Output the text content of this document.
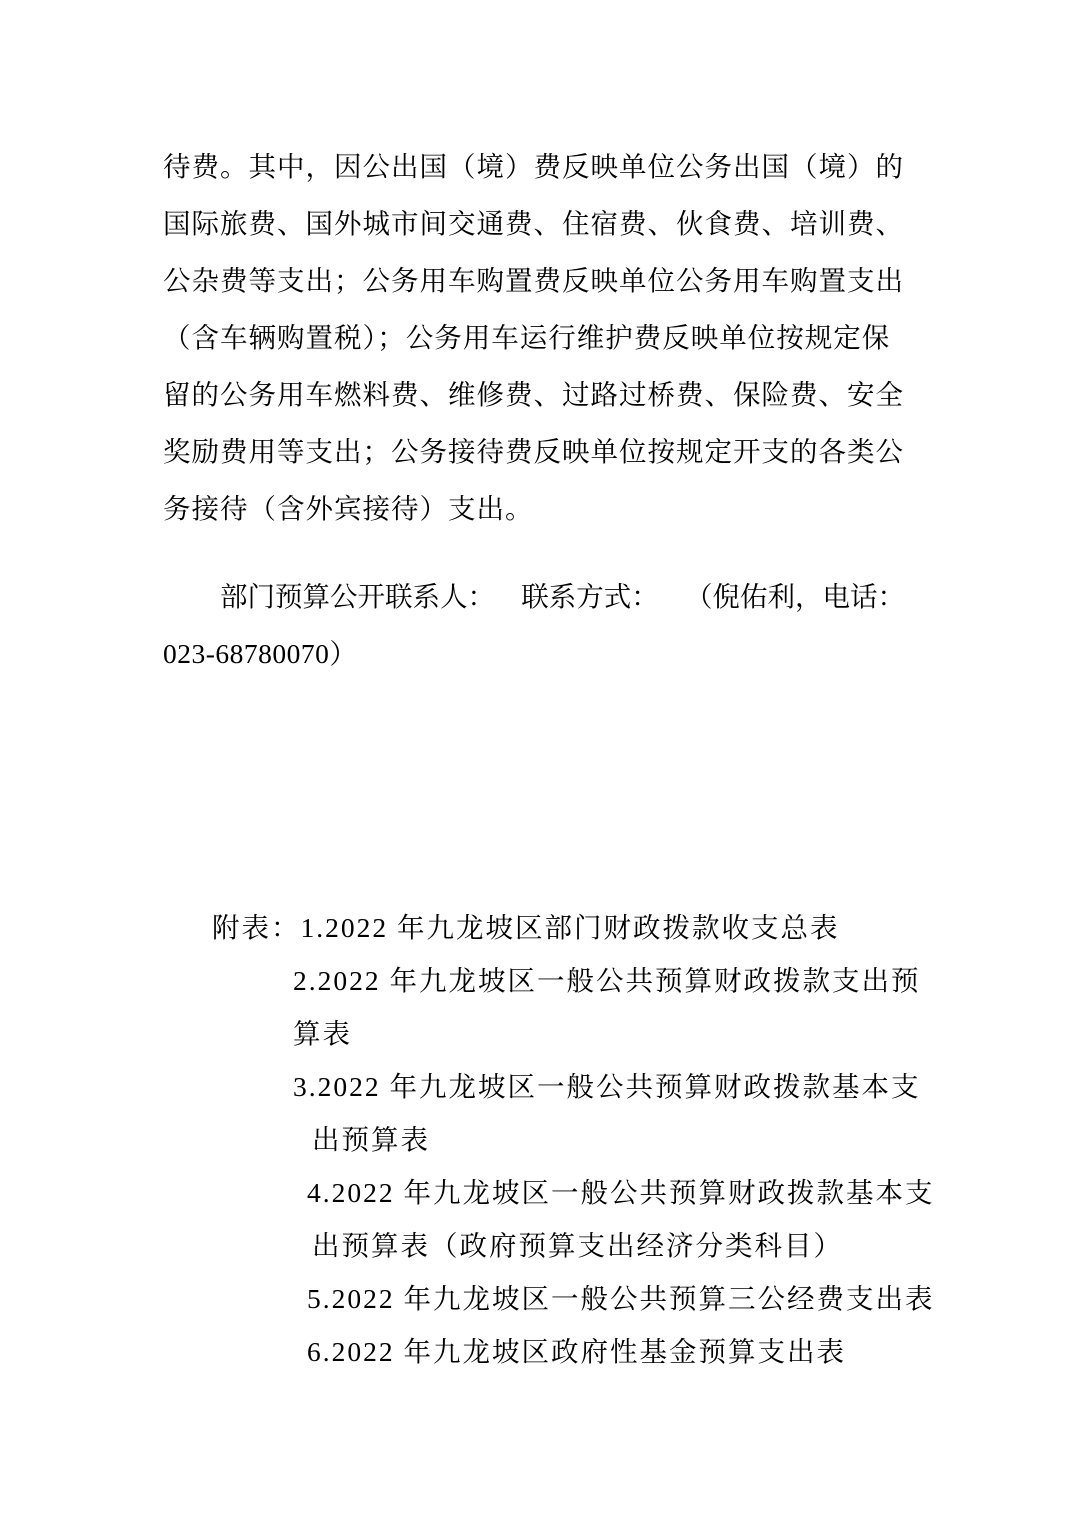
待费。其中，因公出国（境）费反映单位公务出国（境）的
国际旅费、国外城市间交通费、住宿费、伙食费、培训费、
公杂费等支出；公务用车购置费反映单位公务用车购置支出
（含车辆购置税）；公务用车运行维护费反映单位按规定保
留的公务用车燃料费、维修费、过路过桥费、保险费、安全
奖励费用等支出；公务接待费反映单位按规定开支的各类公
务接待（含外宾接待）支出。
部门预算公开联系人： 联系方式： （倪佑利，电话：
023-68780070）
附表：1.2022 年九龙坡区部门财政拨款收支总表
2.2022 年九龙坡区一般公共预算财政拨款支出预
算表
3.2022 年九龙坡区一般公共预算财政拨款基本支
出预算表
4.2022 年九龙坡区一般公共预算财政拨款基本支
出预算表（政府预算支出经济分类科目）
5.2022 年九龙坡区一般公共预算三公经费支出表
6.2022 年九龙坡区政府性基金预算支出表
